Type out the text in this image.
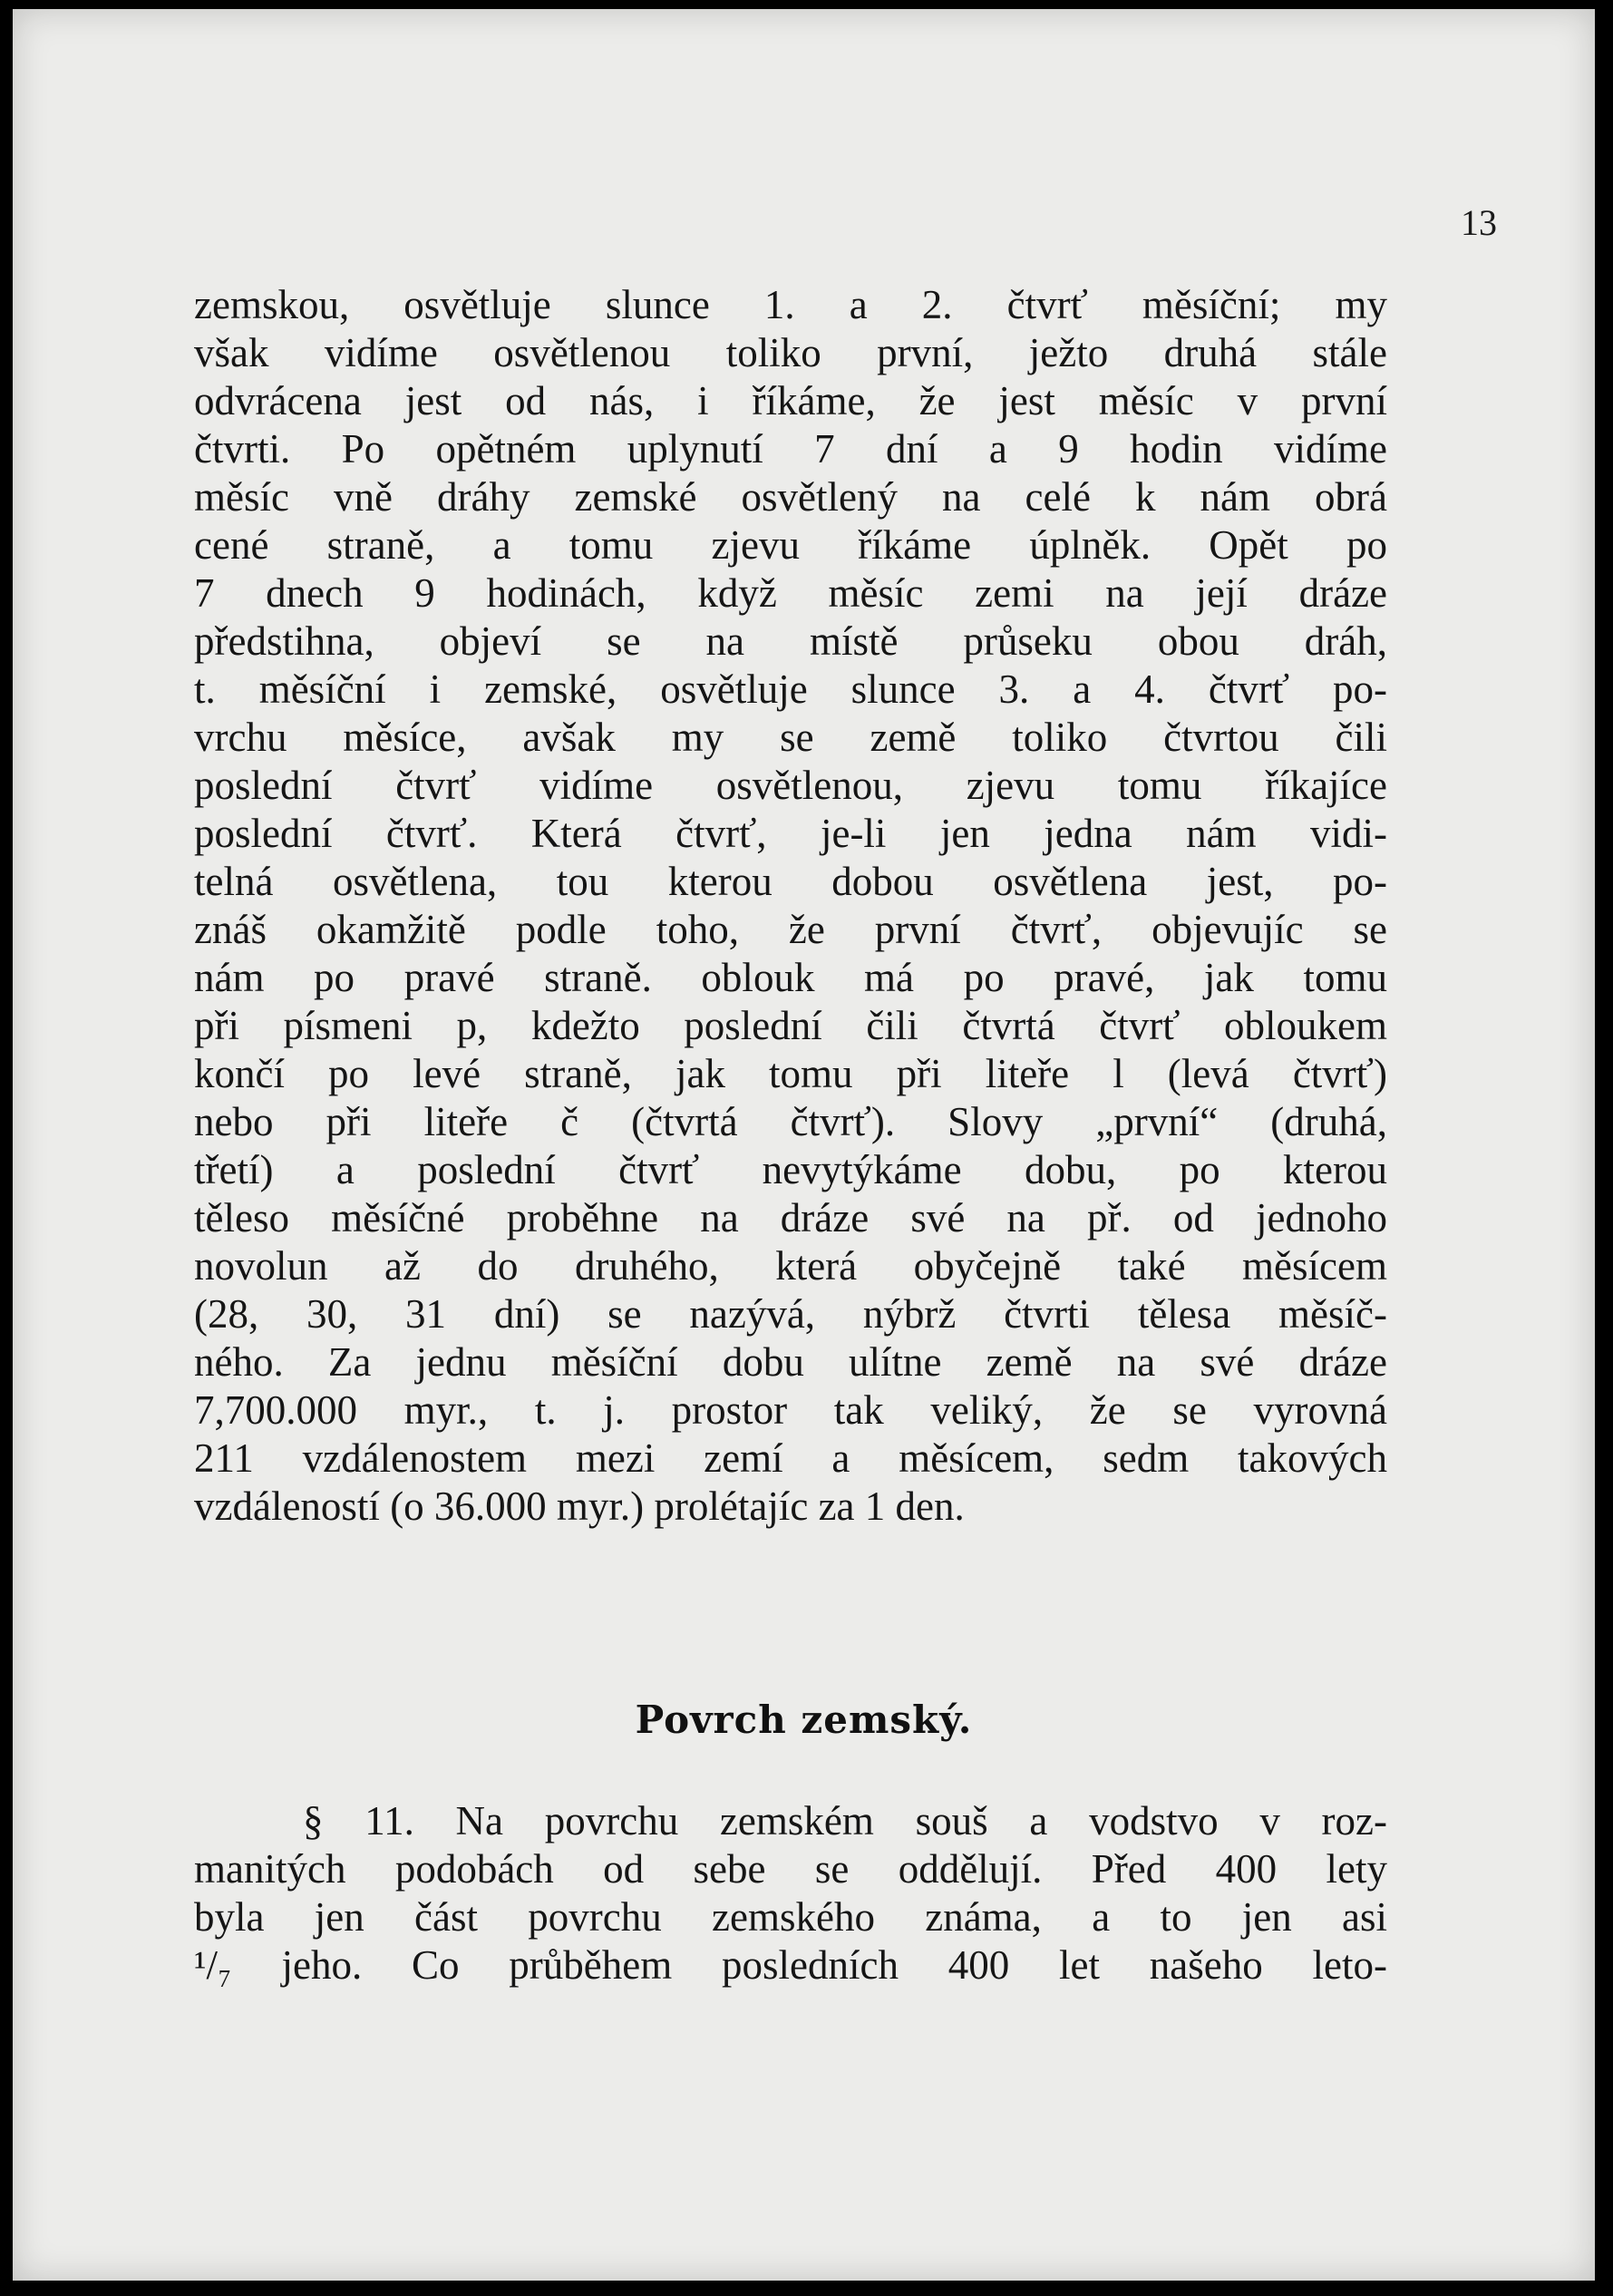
13
zemskou, osvětluje slunce 1. a 2. čtvrť měsíční; my
však vidíme osvětlenou toliko první, ježto druhá stále
odvrácena jest od nás, i říkáme, že jest měsíc v první
čtvrti. Po opětném uplynutí 7 dní a 9 hodin vidíme
měsíc vně dráhy zemské osvětlený na celé k nám obrá
cené straně, a tomu zjevu říkáme úplněk. Opět po
7 dnech 9 hodinách, když měsíc zemi na její dráze
předstihna, objeví se na místě průseku obou dráh,
t. měsíční i zemské, osvětluje slunce 3. a 4. čtvrť po-
vrchu měsíce, avšak my se země toliko čtvrtou čili
poslední čtvrť vidíme osvětlenou, zjevu tomu říkajíce
poslední čtvrť. Která čtvrť, je-li jen jedna nám vidi-
telná osvětlena, tou kterou dobou osvětlena jest, po-
znáš okamžitě podle toho, že první čtvrť, objevujíc se
nám po pravé straně. oblouk má po pravé, jak tomu
při písmeni p, kdežto poslední čili čtvrtá čtvrť obloukem
končí po levé straně, jak tomu při liteře l (levá čtvrť)
nebo při liteře č (čtvrtá čtvrť). Slovy „první“ (druhá,
třetí) a poslední čtvrť nevytýkáme dobu, po kterou
těleso měsíčné proběhne na dráze své na př. od jednoho
novolun až do druhého, která obyčejně také měsícem
(28, 30, 31 dní) se nazývá, nýbrž čtvrti tělesa měsíč-
ného. Za jednu měsíční dobu ulítne země na své dráze
7,700.000 myr., t. j. prostor tak veliký, že se vyrovná
211 vzdálenostem mezi zemí a měsícem, sedm takových
vzdáleností (o 36.000 myr.) prolétajíc za 1 den.
Povrch zemský.
§ 11. Na povrchu zemském souš a vodstvo v roz-
manitých podobách od sebe se oddělují. Před 400 lety
byla jen část povrchu zemského známa, a to jen asi
¹/₇ jeho. Co průběhem posledních 400 let našeho leto-
